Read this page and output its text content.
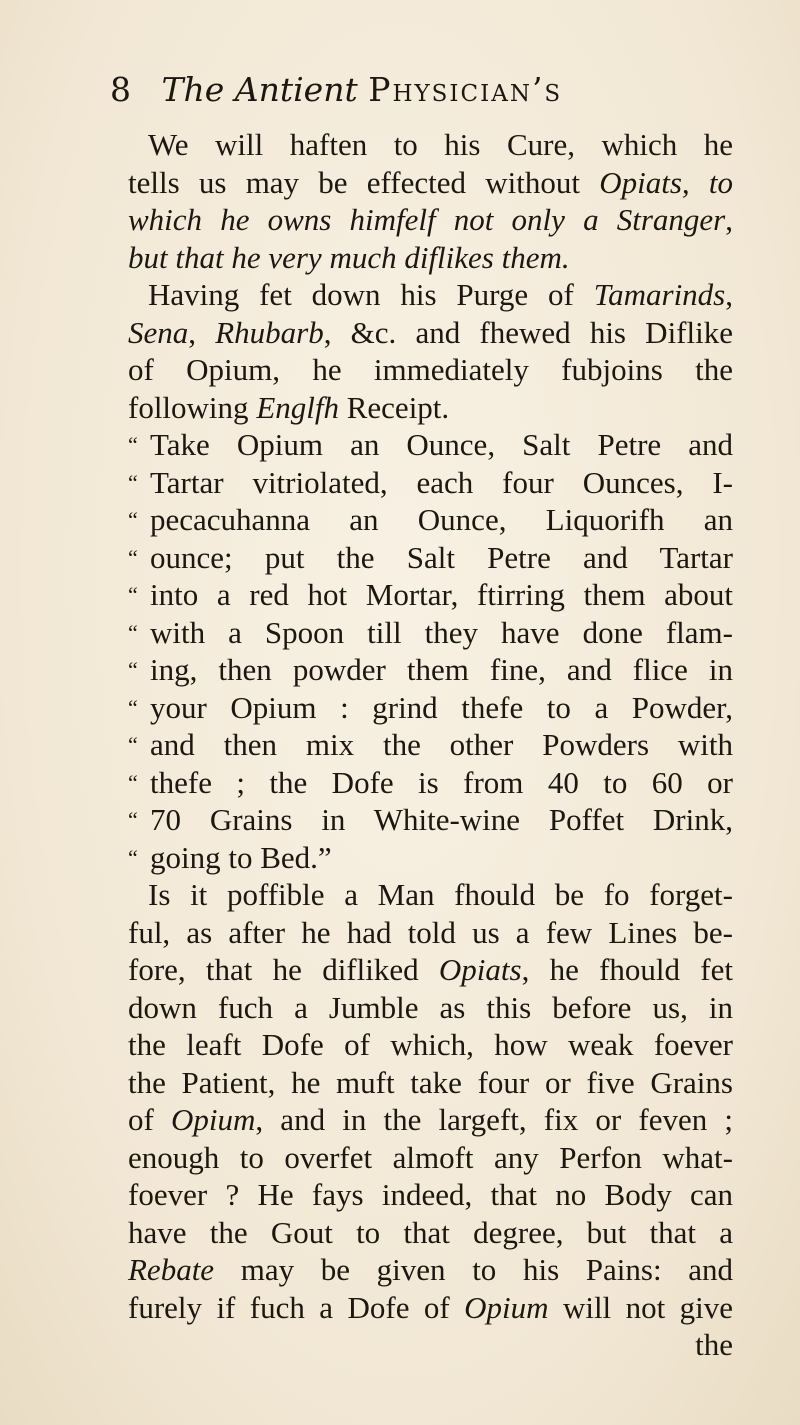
8 The Antient Physician’s
We will haften to his Cure, which he
tells us may be effected without Opiats, to
which he owns himfelf not only a Stranger,
but that he very much diflikes them.
Having fet down his Purge of Tamarinds,
Sena, Rhubarb, &c. and fhewed his Diflike
of Opium, he immediately fubjoins the
following Englfh Receipt.
“ Take Opium an Ounce, Salt Petre and
“ Tartar vitriolated, each four Ounces, I-
“ pecacuhanna an Ounce, Liquorifh an
“ ounce; put the Salt Petre and Tartar
“ into a red hot Mortar, ftirring them about
“ with a Spoon till they have done flam-
“ ing, then powder them fine, and flice in
“ your Opium : grind thefe to a Powder,
“ and then mix the other Powders with
“ thefe ; the Dofe is from 40 to 60 or
“ 70 Grains in White-wine Poffet Drink,
“ going to Bed.”
Is it poffible a Man fhould be fo forget-
ful, as after he had told us a few Lines be-
fore, that he difliked Opiats, he fhould fet
down fuch a Jumble as this before us, in
the leaft Dofe of which, how weak foever
the Patient, he muft take four or five Grains
of Opium, and in the largeft, fix or feven ;
enough to overfet almoft any Perfon what-
foever ? He fays indeed, that no Body can
have the Gout to that degree, but that a
Rebate may be given to his Pains: and
furely if fuch a Dofe of Opium will not give
the
